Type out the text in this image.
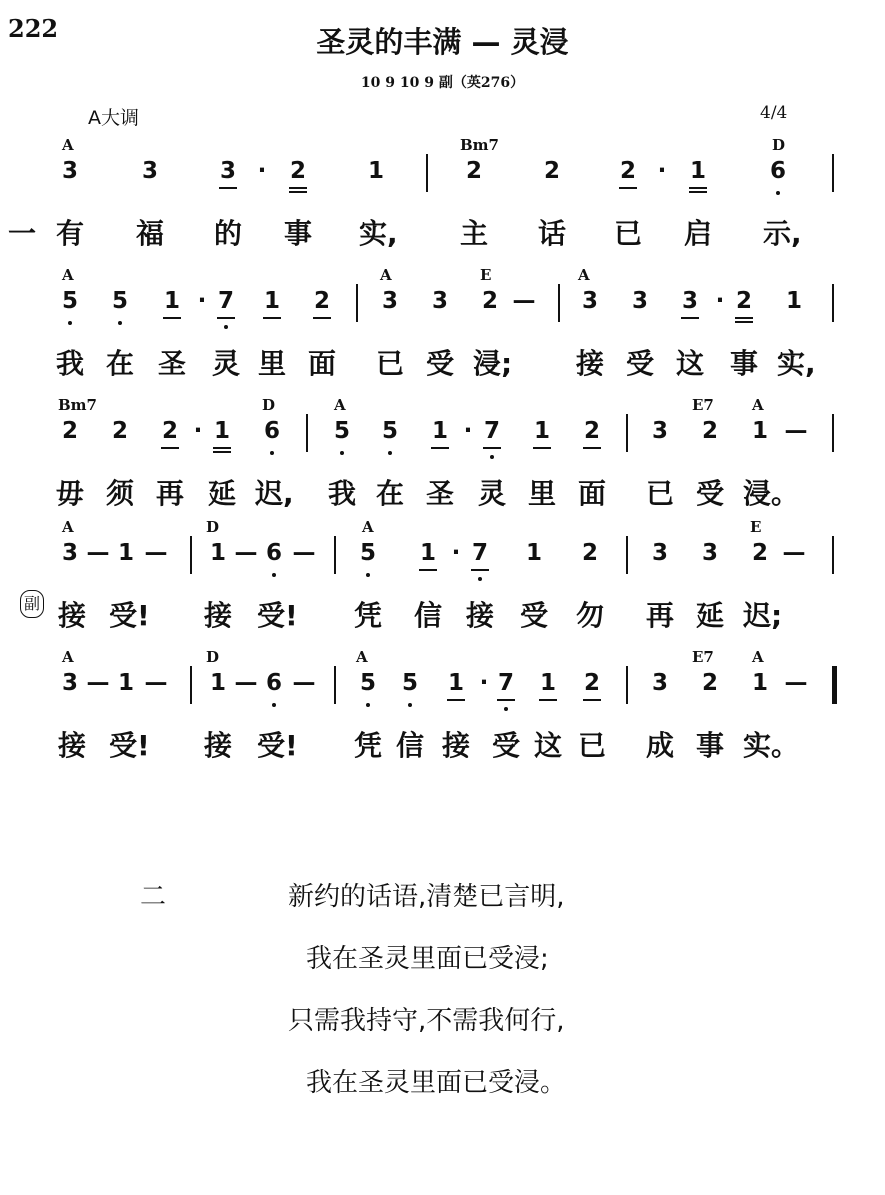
222	圣灵的丰满 — 灵浸
10 9 10 9 副（英276）
A大调	4/4
A	Bm7	D
3	3	3 ·	2	1	2	2	2 ·	1	6
一 有 福 的 事 实, 主 话 已 启 示,
A	A	E	A
5 5 1 · 7 1 2 3 3 2 — 3 3 3 · 2 1
我 在 圣 灵 里 面 已 受 浸; 接 受 这 事 实,
Bm7	D	A	E7	A
2 2 2 · 1 6 5 5 1 · 7 1 2 3 2 1 —
毋 须 再 延 迟, 我 在 圣 灵 里 面 已 受 浸。
A	D	A	E
3 — 1 — 1 — 6 — 5 1 · 7 1 2 3 3 2 —
接 受! 接 受! 凭 信 接 受 勿 再 延 迟;
副
A	D	A	E7	A
3 — 1 — 1 — 6 — 5 5 1 · 7 1 2 3 2 1 —
接 受! 接 受! 凭 信 接 受 这 已 成 事 实。
二	新约的话语,清楚已言明,
我在圣灵里面已受浸;
只需我持守,不需我何行,
我在圣灵里面已受浸。
